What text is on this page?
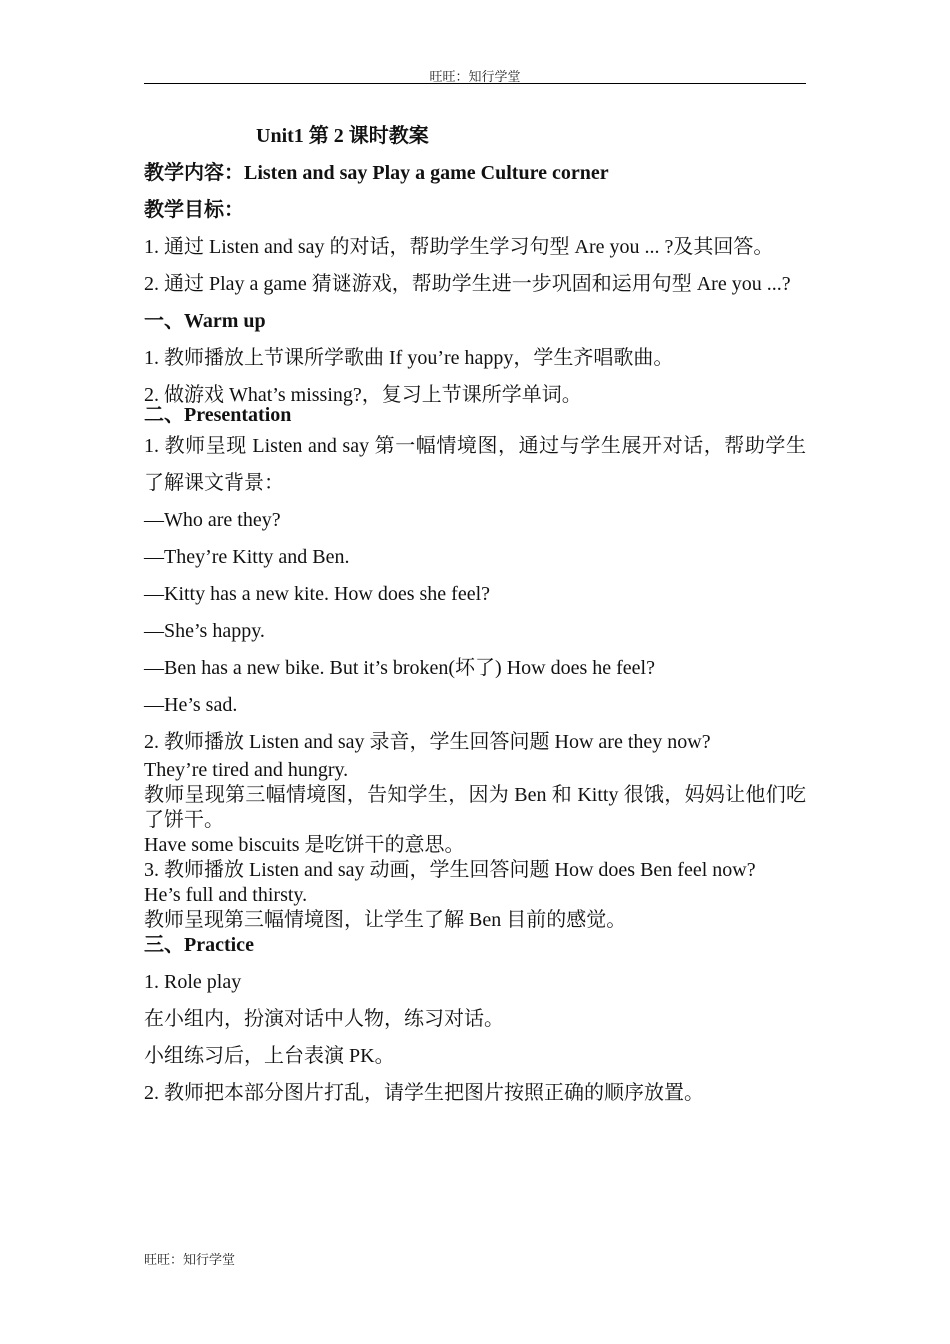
旺旺：知行学堂

Unit1 第 2 课时教案

教学内容：Listen and say Play a game Culture corner

教学目标：

1. 通过 Listen and say 的对话，帮助学生学习句型 Are you ... ?及其回答。

2. 通过 Play a game 猜谜游戏，帮助学生进一步巩固和运用句型 Are you ...?

一、Warm up

1. 教师播放上节课所学歌曲 If you’re happy，学生齐唱歌曲。

2. 做游戏 What’s missing?，复习上节课所学单词。

二、Presentation

1. 教师呈现 Listen and say 第一幅情境图，通过与学生展开对话，帮助学生了解课文背景：

—Who are they?

—They’re Kitty and Ben.

—Kitty has a new kite. How does she feel?

—She’s happy.

—Ben has a new bike. But it’s broken(坏了) How does he feel?

—He’s sad.

2. 教师播放 Listen and say 录音，学生回答问题 How are they now?

They’re tired and hungry.

教师呈现第三幅情境图，告知学生，因为 Ben 和 Kitty 很饿，妈妈让他们吃了饼干。

Have some biscuits 是吃饼干的意思。

3. 教师播放 Listen and say 动画，学生回答问题 How does Ben feel now?

He’s full and thirsty.

教师呈现第三幅情境图，让学生了解 Ben 目前的感觉。

三、Practice

1. Role play

在小组内，扮演对话中人物，练习对话。

小组练习后，上台表演 PK。

2. 教师把本部分图片打乱，请学生把图片按照正确的顺序放置。

旺旺：知行学堂
